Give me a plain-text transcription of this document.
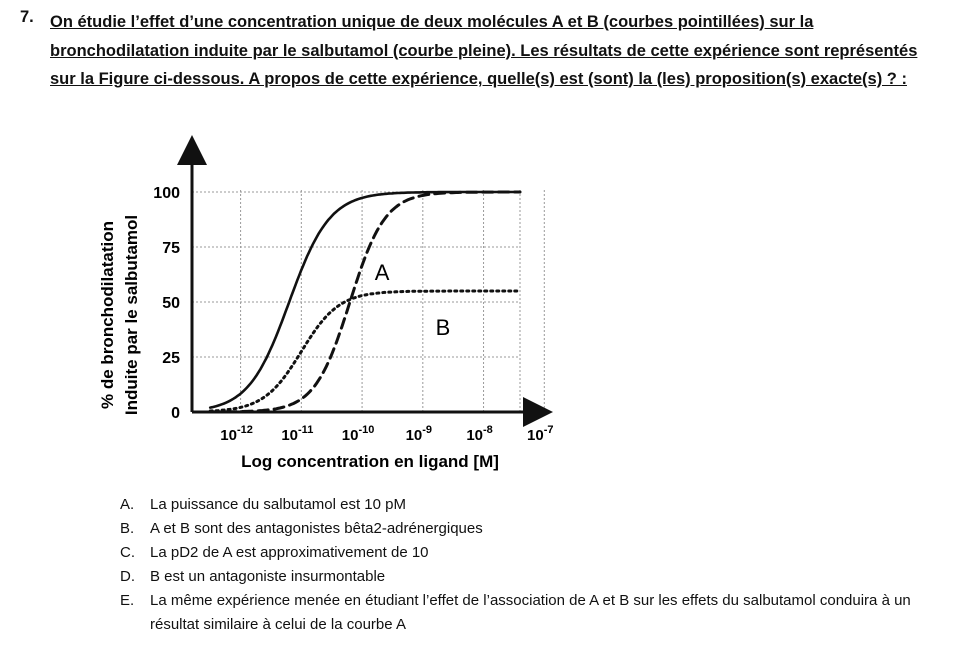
7. On étudie l’effet d’une concentration unique de deux molécules A et B (courbes pointillées) sur la bronchodilatation induite par le salbutamol (courbe pleine). Les résultats de cette expérience sont représentés sur la Figure ci-dessous. A propos de cette expérience, quelle(s) est (sont) la (les) proposition(s) exacte(s) ? :
0
25
50
75
100
$10^{-12}$ $10^{-11}$ $10^{-10}$ $10^{-9}$ $10^{-8}$ $10^{-7}$
A
B
Log concentration en ligand [M]
% de bronchodilatation Induite par le salbutamol
A.	La puissance du salbutamol est 10 pM
B.	A et B sont des antagonistes bêta2-adrénergiques
C.	La pD2 de A est approximativement de 10
D.	B est un antagoniste insurmontable
E.	La même expérience menée en étudiant l’effet de l’association de A et B sur les effets du salbutamol conduira à un résultat similaire à celui de la courbe A
